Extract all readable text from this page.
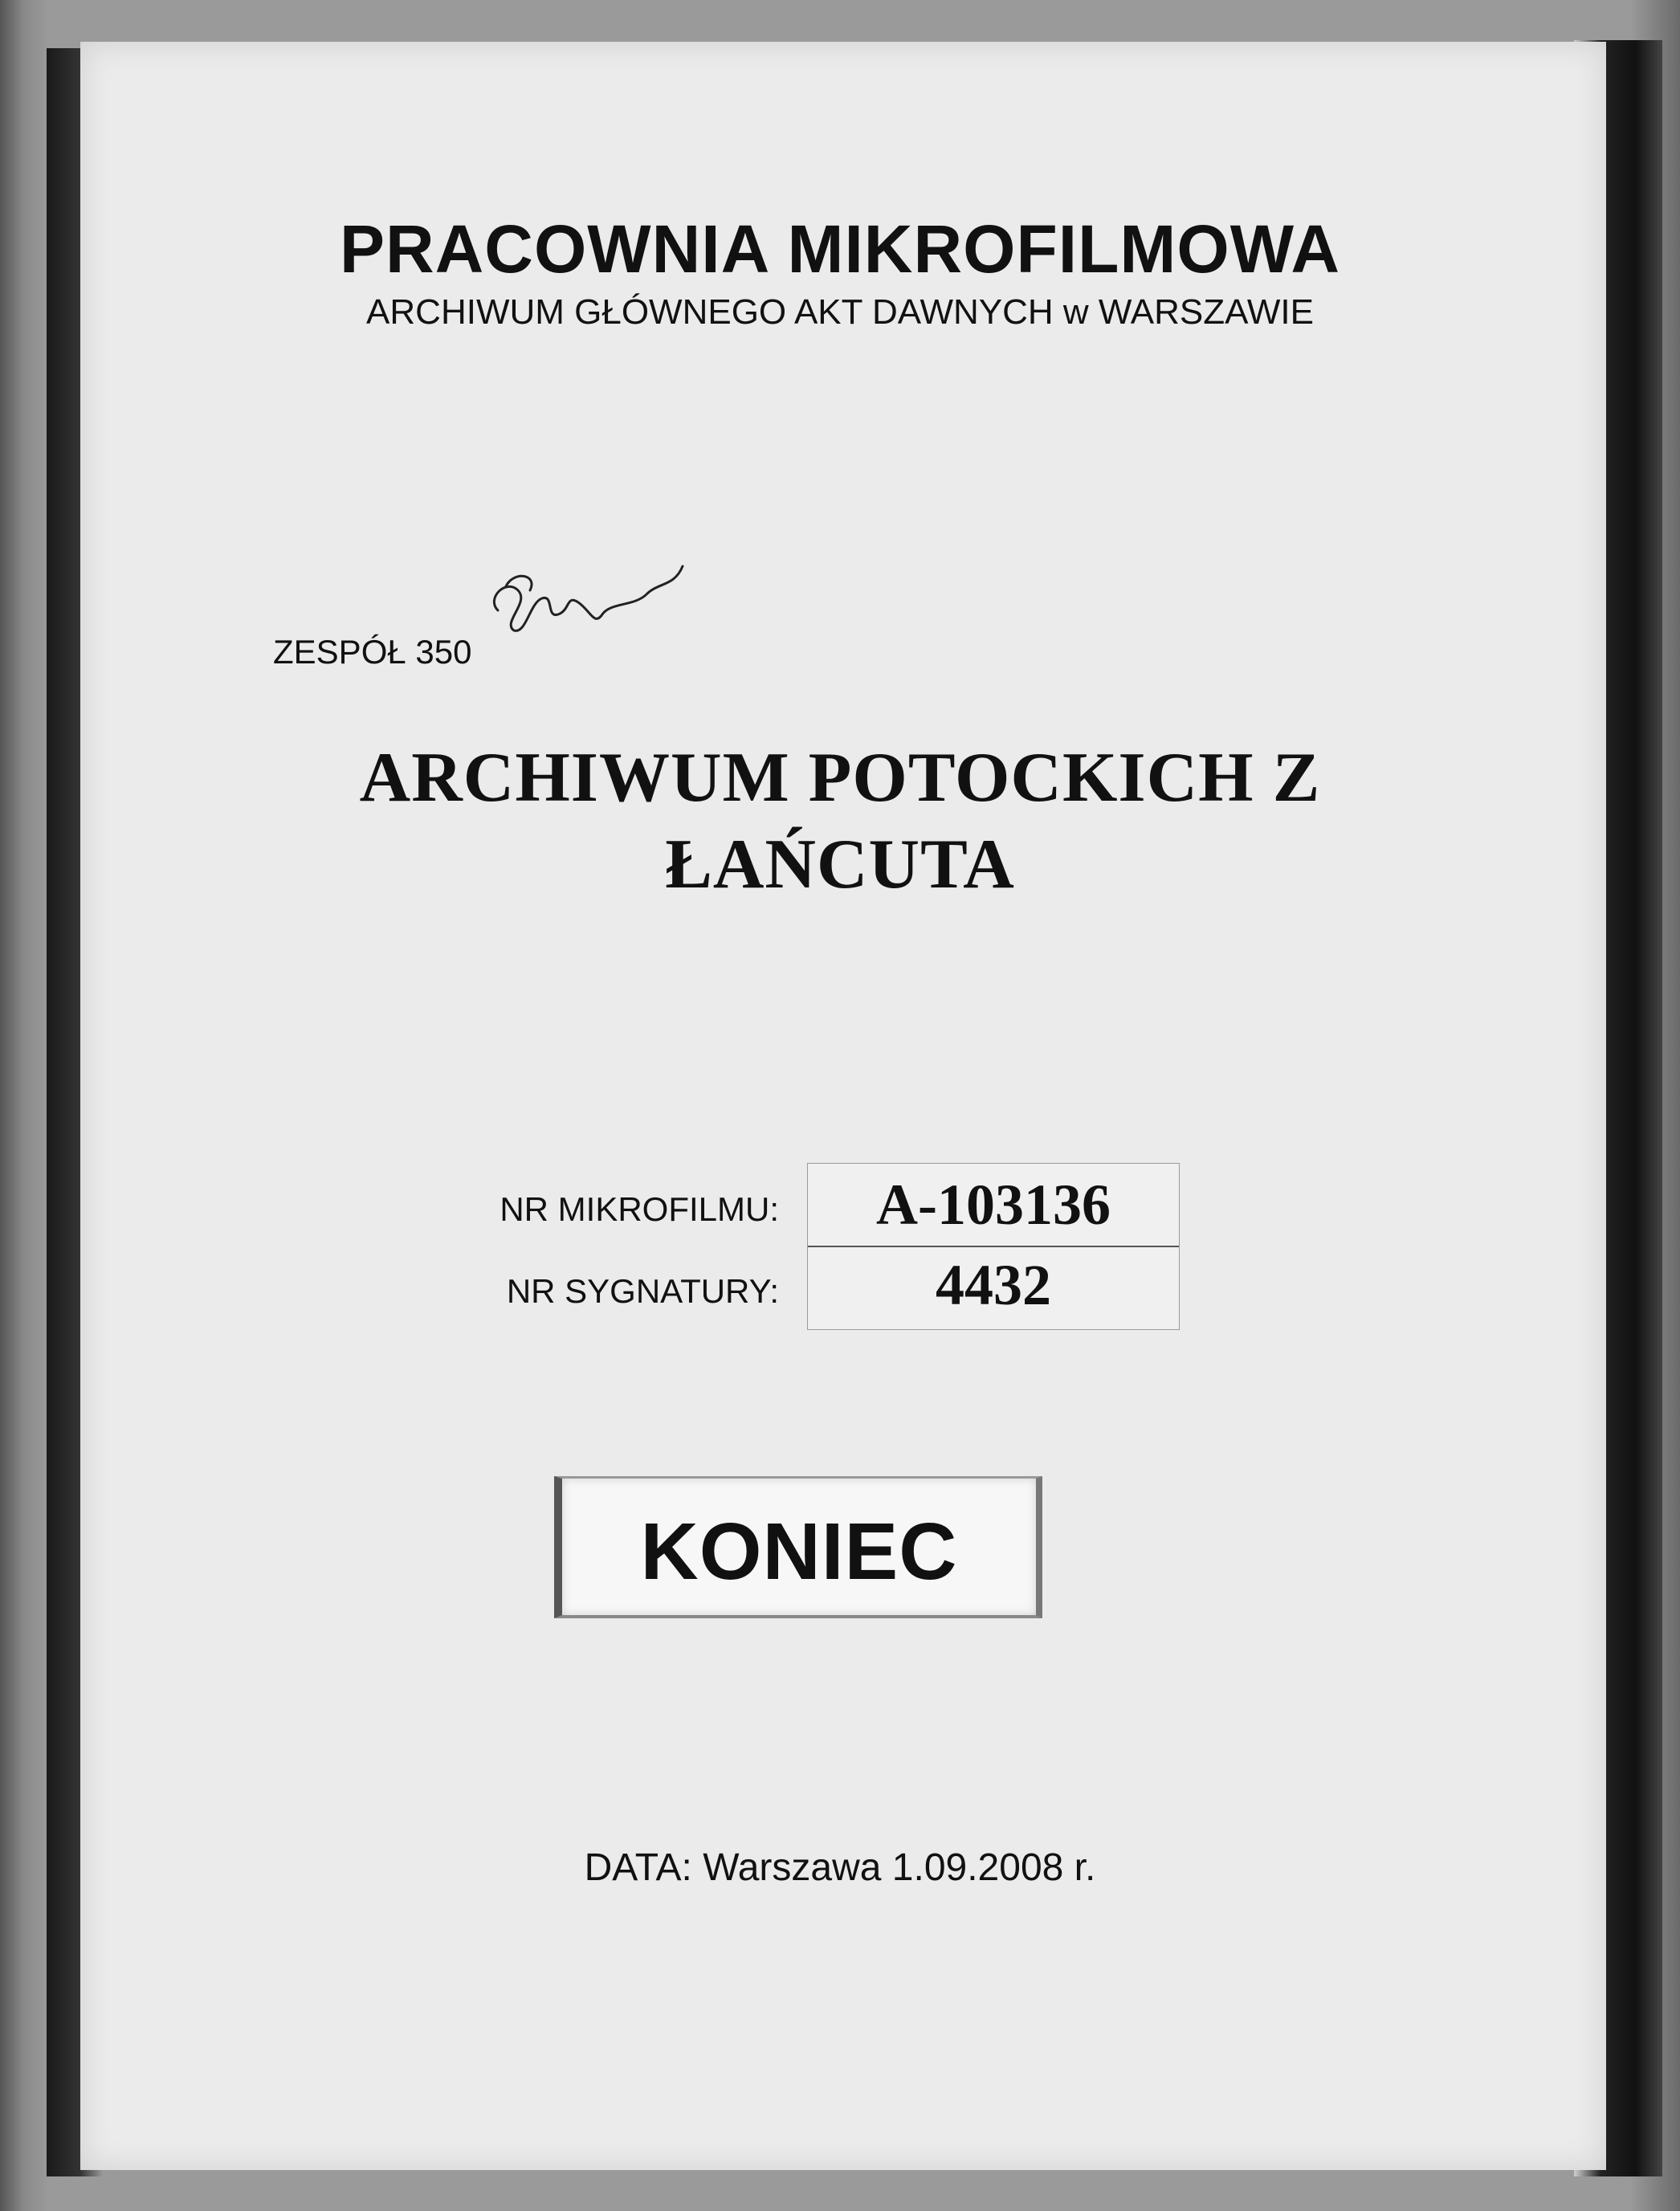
PRACOWNIA MIKROFILMOWA
ARCHIWUM GŁÓWNEGO AKT DAWNYCH w WARSZAWIE
ZESPÓŁ 350
ARCHIWUM POTOCKICH Z
ŁAŃCUTA
NR MIKROFILMU:
NR SYGNATURY:
A-103136
4432
KONIEC
DATA: Warszawa 1.09.2008 r.
